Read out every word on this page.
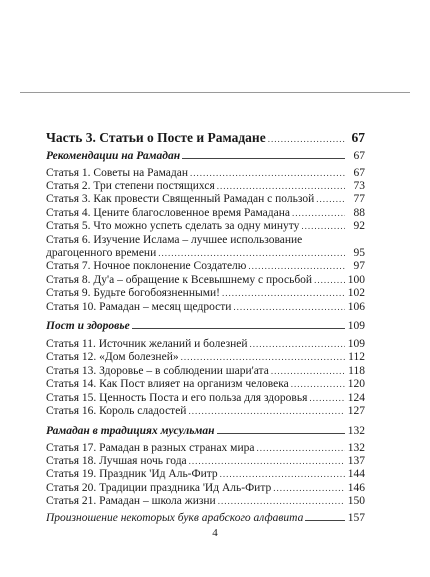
Часть 3. Статьи о Посте и Рамадане .....	67
Рекомендации на Рамадан	67
Статья 1. Советы на Рамадан .....	67
Статья 2. Три степени постящихся .....	73
Статья 3. Как провести Священный Рамадан с пользой .....	77
Статья 4. Цените благословенное время Рамадана .....	88
Статья 5. Что можно успеть сделать за одну минуту .....	92
Статья 6. Изучение Ислама – лучшее использование
драгоценного времени .....	95
Статья 7. Ночное поклонение Создателю .....	97
Статья 8. Ду'а – обращение к Всевышнему с просьбой .....	100
Статья 9. Будьте богобоязненными! .....	102
Статья 10. Рамадан – месяц щедрости .....	106
Пост и здоровье	109
Статья 11. Источник желаний и болезней .....	109
Статья 12. «Дом болезней» .....	112
Статья 13. Здоровье – в соблюдении шари'ата .....	118
Статья 14. Как Пост влияет на организм человека .....	120
Статья 15. Ценность Поста и его польза для здоровья .....	124
Статья 16. Король сладостей .....	127
Рамадан в традициях мусульман	132
Статья 17. Рамадан в разных странах мира .....	132
Статья 18. Лучшая ночь года .....	137
Статья 19. Праздник 'Ид Аль-Фитр .....	144
Статья 20. Традиции праздника 'Ид Аль-Фитр .....	146
Статья 21. Рамадан – школа жизни .....	150
Произношение некоторых букв арабского алфавита	157
4
